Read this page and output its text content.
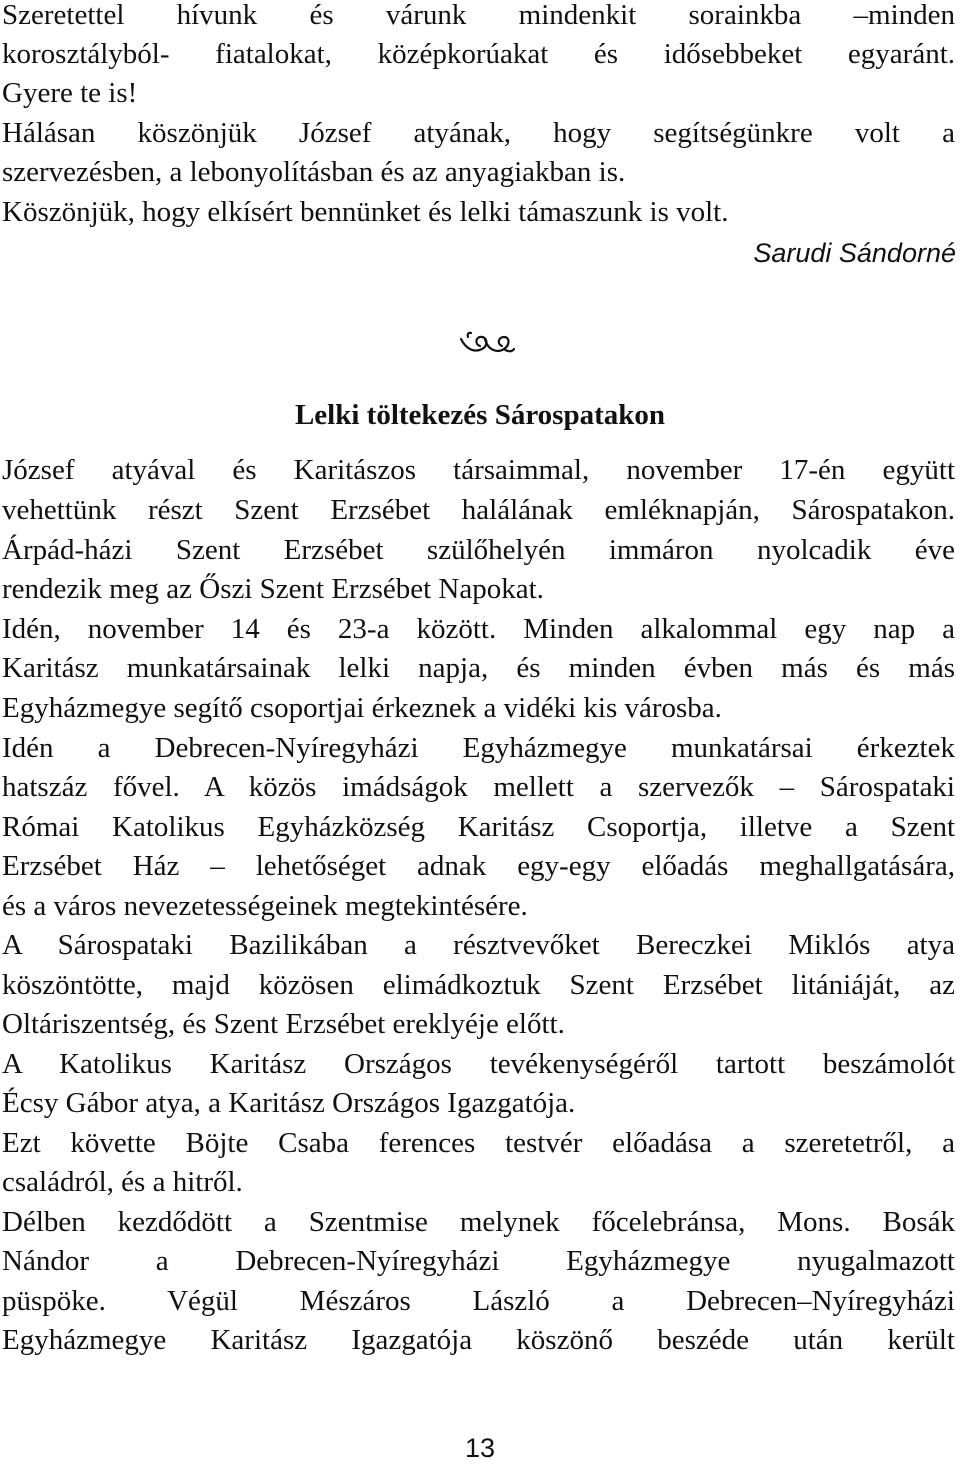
Szeretettel hívunk és várunk mindenkit sorainkba –minden
korosztályból- fiatalokat, középkorúakat és idősebbeket egyaránt.
Gyere te is!
Hálásan köszönjük József atyának, hogy segítségünkre volt a
szervezésben, a lebonyolításban és az anyagiakban is.
Köszönjük, hogy elkísért bennünket és lelki támaszunk is volt.
Sarudi Sándorné
Lelki töltekezés Sárospatakon
József atyával és Karitászos társaimmal, november 17-én együtt
vehettünk részt Szent Erzsébet halálának emléknapján, Sárospatakon.
Árpád-házi Szent Erzsébet szülőhelyén immáron nyolcadik éve
rendezik meg az Őszi Szent Erzsébet Napokat.
Idén, november 14 és 23-a között. Minden alkalommal egy nap a
Karitász munkatársainak lelki napja, és minden évben más és más
Egyházmegye segítő csoportjai érkeznek a vidéki kis városba.
Idén a Debrecen-Nyíregyházi Egyházmegye munkatársai érkeztek
hatszáz fővel. A közös imádságok mellett a szervezők – Sárospataki
Római Katolikus Egyházközség Karitász Csoportja, illetve a Szent
Erzsébet Ház – lehetőséget adnak egy-egy előadás meghallgatására,
és a város nevezetességeinek megtekintésére.
A Sárospataki Bazilikában a résztvevőket Bereczkei Miklós atya
köszöntötte, majd közösen elimádkoztuk Szent Erzsébet litániáját, az
Oltáriszentség, és Szent Erzsébet ereklyéje előtt.
A Katolikus Karitász Országos tevékenységéről tartott beszámolót
Écsy Gábor atya, a Karitász Országos Igazgatója.
Ezt követte Böjte Csaba ferences testvér előadása a szeretetről, a
családról, és a hitről.
Délben kezdődött a Szentmise melynek főcelebránsa, Mons. Bosák
Nándor a Debrecen-Nyíregyházi Egyházmegye nyugalmazott
püspöke. Végül Mészáros László a Debrecen–Nyíregyházi
Egyházmegye Karitász Igazgatója köszönő beszéde után került
13
